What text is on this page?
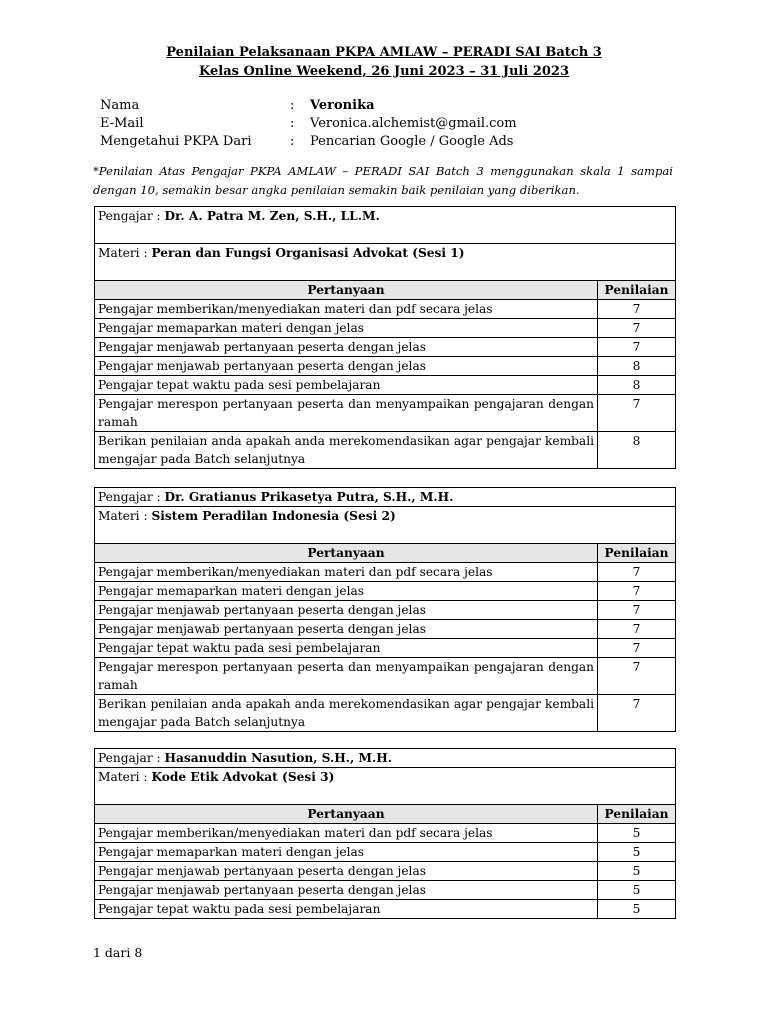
Penilaian Pelaksanaan PKPA AMLAW – PERADI SAI Batch 3
Kelas Online Weekend, 26 Juni 2023 – 31 Juli 2023
Nama	:	Veronika
E-Mail	:	Veronica.alchemist@gmail.com
Mengetahui PKPA Dari	:	Pencarian Google / Google Ads
*Penilaian Atas Pengajar PKPA AMLAW – PERADI SAI Batch 3 menggunakan skala 1 sampai dengan 10, semakin besar angka penilaian semakin baik penilaian yang diberikan.
Pengajar : Dr. A. Patra M. Zen, S.H., LL.M.	
Materi : Peran dan Fungsi Organisasi Advokat (Sesi 1)	
Pertanyaan	Penilaian
Pengajar memberikan/menyediakan materi dan pdf secara jelas	7
Pengajar memaparkan materi dengan jelas	7
Pengajar menjawab pertanyaan peserta dengan jelas	7
Pengajar menjawab pertanyaan peserta dengan jelas	8
Pengajar tepat waktu pada sesi pembelajaran	8
Pengajar merespon pertanyaan peserta dan menyampaikan pengajaran dengan ramah	7
Berikan penilaian anda apakah anda merekomendasikan agar pengajar kembali mengajar pada Batch selanjutnya	8
Pengajar : Dr. Gratianus Prikasetya Putra, S.H., M.H.	
Materi : Sistem Peradilan Indonesia (Sesi 2)	
Pertanyaan	Penilaian
Pengajar memberikan/menyediakan materi dan pdf secara jelas	7
Pengajar memaparkan materi dengan jelas	7
Pengajar menjawab pertanyaan peserta dengan jelas	7
Pengajar menjawab pertanyaan peserta dengan jelas	7
Pengajar tepat waktu pada sesi pembelajaran	7
Pengajar merespon pertanyaan peserta dan menyampaikan pengajaran dengan ramah	7
Berikan penilaian anda apakah anda merekomendasikan agar pengajar kembali mengajar pada Batch selanjutnya	7
Pengajar : Hasanuddin Nasution, S.H., M.H.	
Materi : Kode Etik Advokat (Sesi 3)	
Pertanyaan	Penilaian
Pengajar memberikan/menyediakan materi dan pdf secara jelas	5
Pengajar memaparkan materi dengan jelas	5
Pengajar menjawab pertanyaan peserta dengan jelas	5
Pengajar menjawab pertanyaan peserta dengan jelas	5
Pengajar tepat waktu pada sesi pembelajaran	5
1 dari 8
